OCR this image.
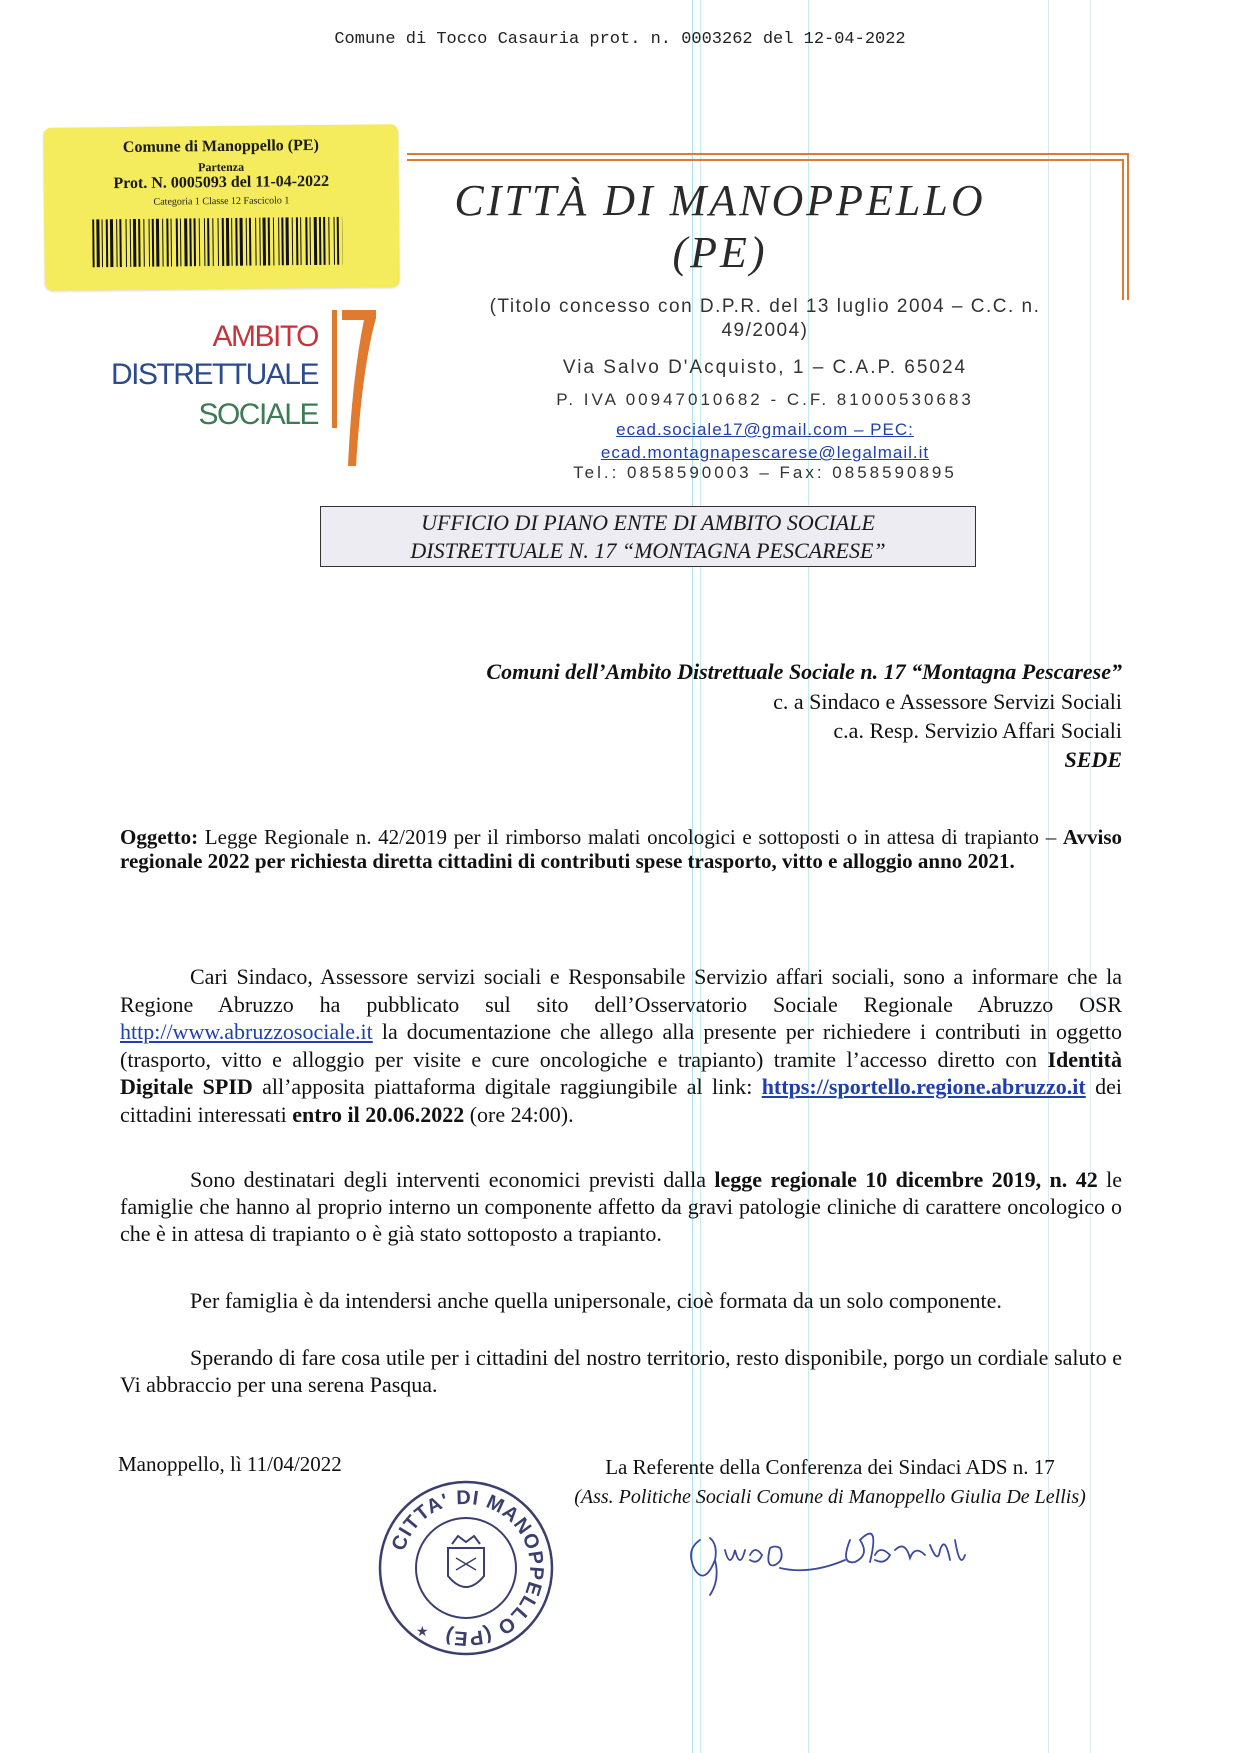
Comune di Tocco Casauria prot. n. 0003262 del 12-04-2022
Comune di Manoppello (PE)
Partenza
Prot. N. 0005093 del 11-04-2022
Categoria 1 Classe 12 Fascicolo 1	CITTÀ DI MANOPPELLO
(PE)
AMBITO
DISTRETTUALE
SOCIALE
(Titolo concesso con D.P.R. del 13 luglio 2004 – C.C. n.
49/2004)
Via Salvo D'Acquisto, 1 – C.A.P. 65024
P. IVA 00947010682 - C.F. 81000530683
ecad.sociale17@gmail.com – PEC:
ecad.montagnapescarese@legalmail.it
Tel.: 0858590003 – Fax: 0858590895
UFFICIO DI PIANO ENTE DI AMBITO SOCIALE
DISTRETTUALE N. 17 “MONTAGNA PESCARESE”
Comuni dell’Ambito Distrettuale Sociale n. 17 “Montagna Pescarese”
c. a Sindaco e Assessore Servizi Sociali
c.a. Resp. Servizio Affari Sociali
SEDE
Oggetto: Legge Regionale n. 42/2019 per il rimborso malati oncologici e sottoposti o in attesa di trapianto – Avviso regionale 2022 per richiesta diretta cittadini di contributi spese trasporto, vitto e alloggio anno 2021.
Cari Sindaco, Assessore servizi sociali e Responsabile Servizio affari sociali, sono a informare che la Regione Abruzzo ha pubblicato sul sito dell’Osservatorio Sociale Regionale Abruzzo OSR http://www.abruzzosociale.it la documentazione che allego alla presente per richiedere i contributi in oggetto (trasporto, vitto e alloggio per visite e cure oncologiche e trapianto) tramite l’accesso diretto con Identità Digitale SPID all’apposita piattaforma digitale raggiungibile al link: https://sportello.regione.abruzzo.it dei cittadini interessati entro il 20.06.2022 (ore 24:00).
Sono destinatari degli interventi economici previsti dalla legge regionale 10 dicembre 2019, n. 42 le famiglie che hanno al proprio interno un componente affetto da gravi patologie cliniche di carattere oncologico o che è in attesa di trapianto o è già stato sottoposto a trapianto.
Per famiglia è da intendersi anche quella unipersonale, cioè formata da un solo componente.
Sperando di fare cosa utile per i cittadini del nostro territorio, resto disponibile, porgo un cordiale saluto e Vi abbraccio per una serena Pasqua.
Manoppello, lì 11/04/2022	La Referente della Conferenza dei Sindaci ADS n. 17
(Ass. Politiche Sociali Comune di Manoppello Giulia De Lellis)
CITTA' DI MANOPPELLO (PE)
★
